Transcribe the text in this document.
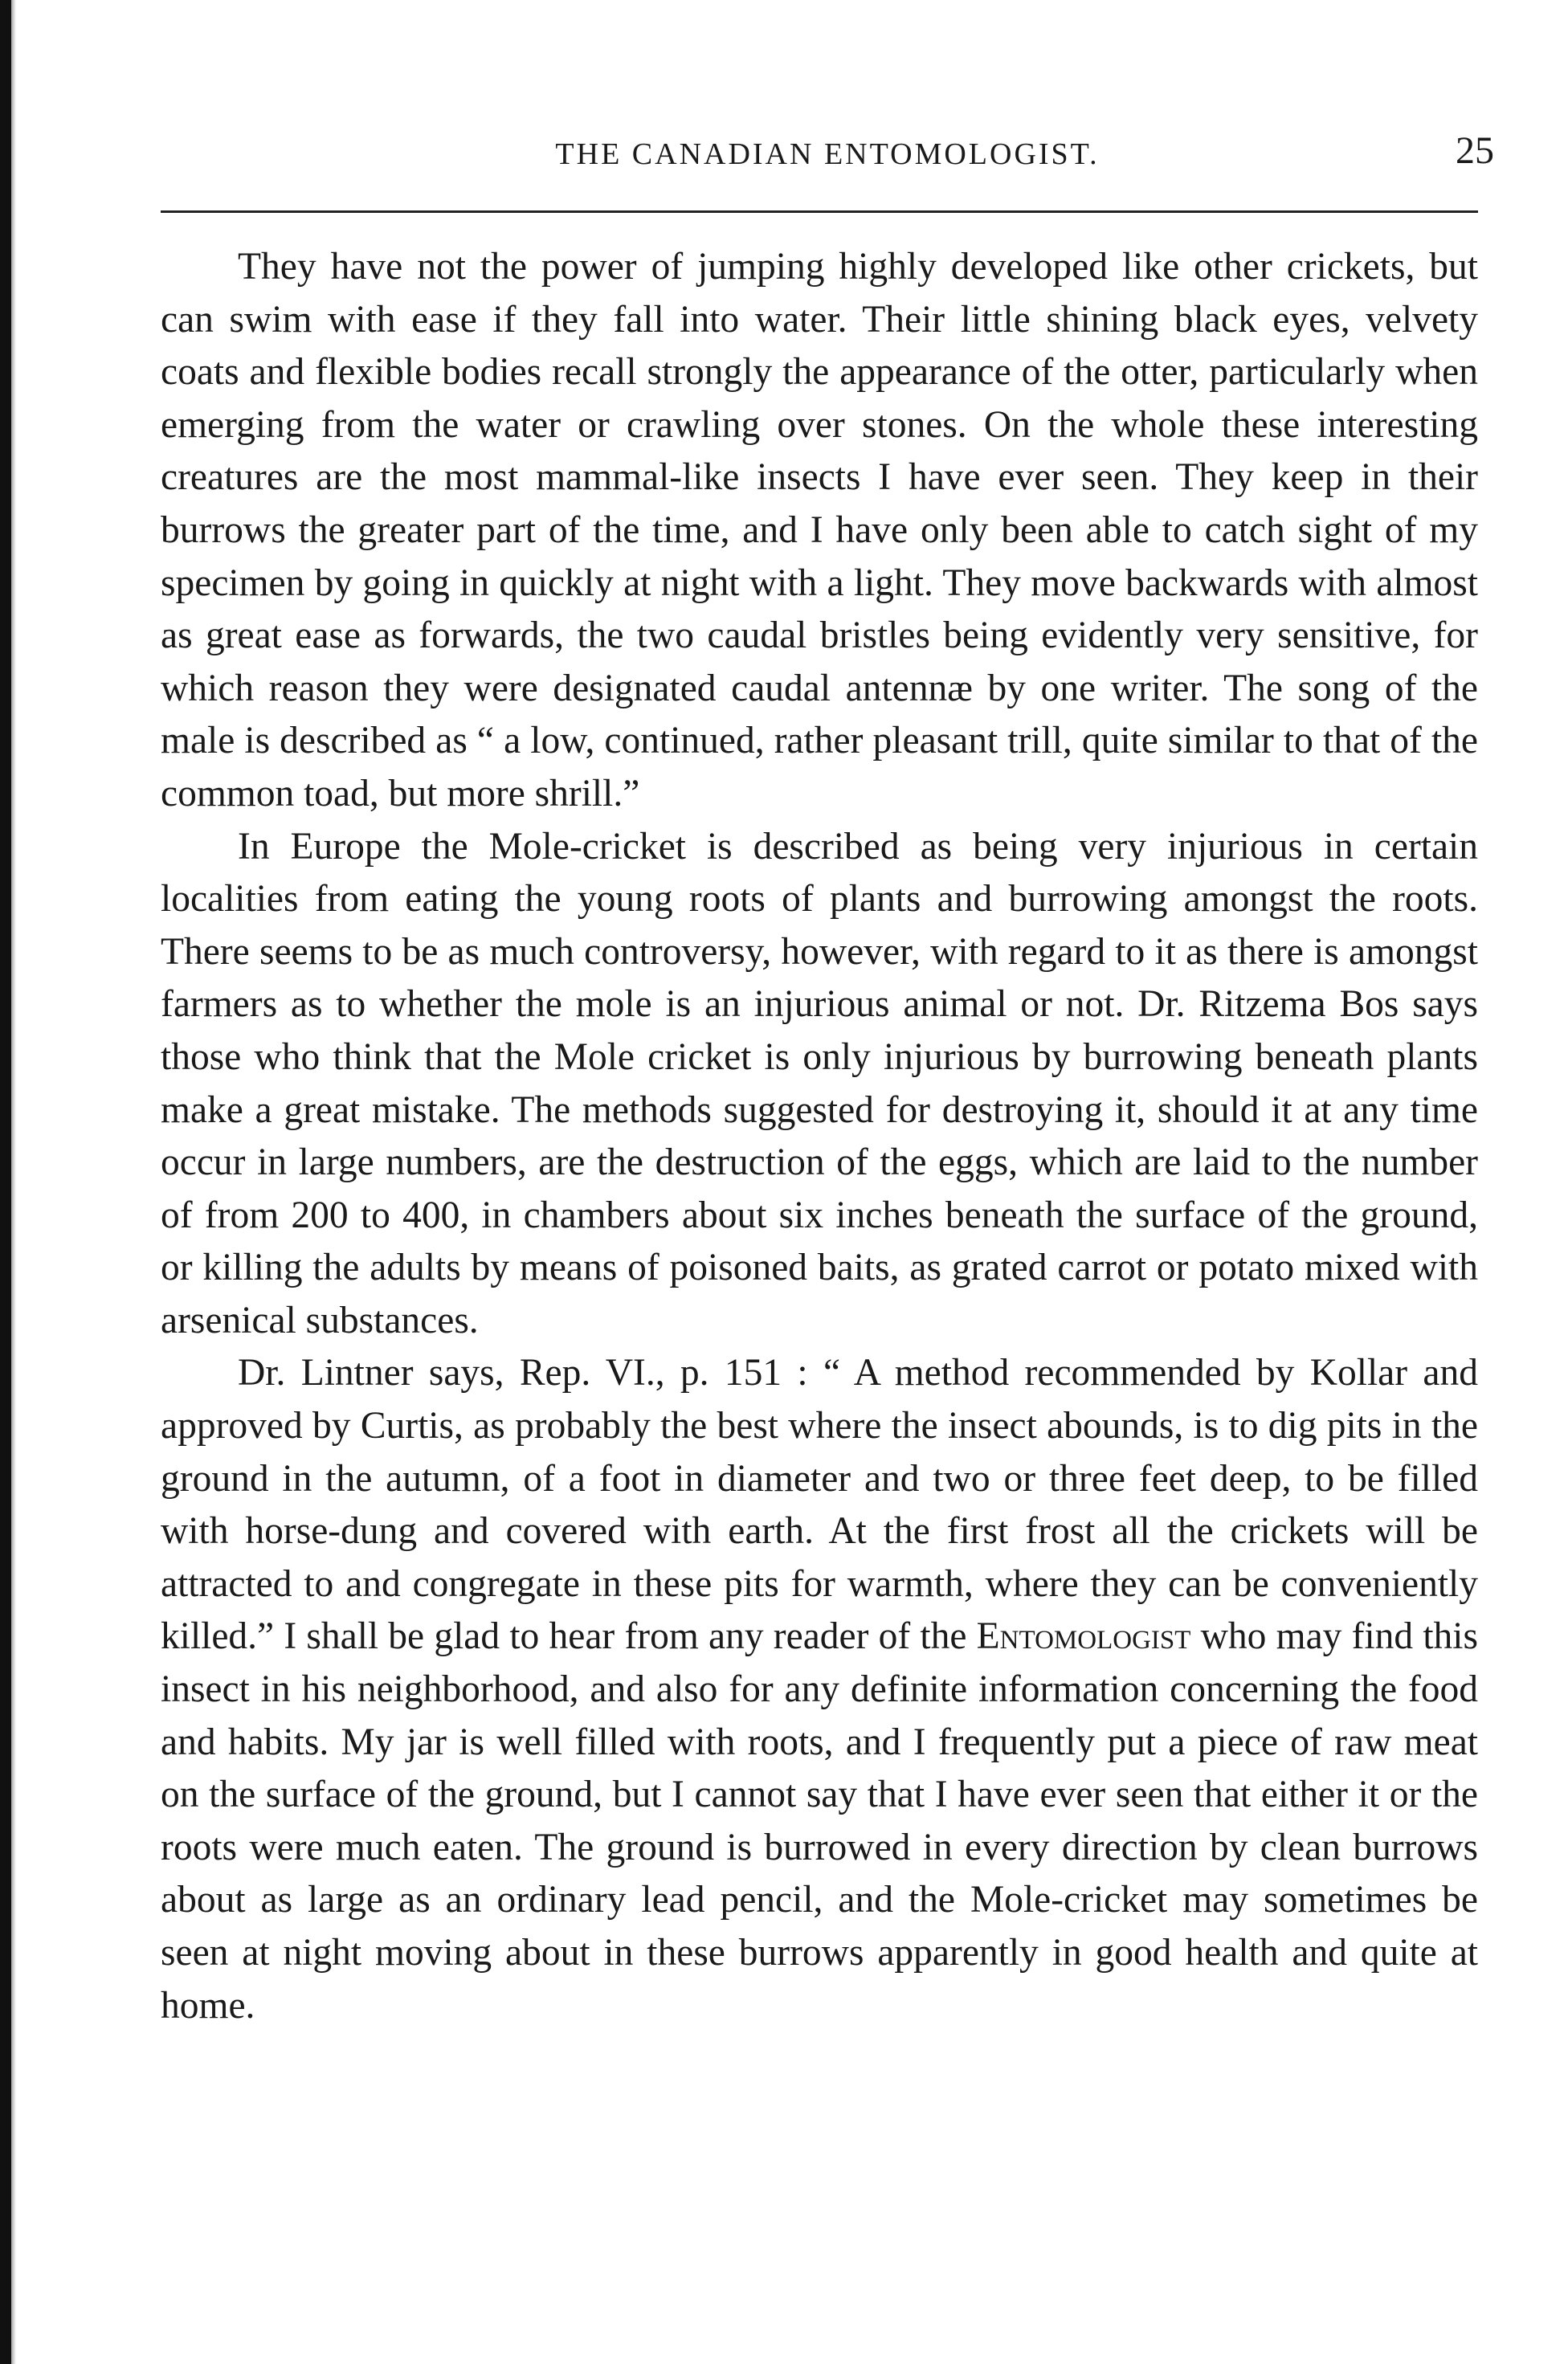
THE CANADIAN ENTOMOLOGIST.	25

They have not the power of jumping highly developed like other crickets, but can swim with ease if they fall into water. Their little shining black eyes, velvety coats and flexible bodies recall strongly the appearance of the otter, particularly when emerging from the water or crawling over stones. On the whole these interesting creatures are the most mammal-like insects I have ever seen. They keep in their burrows the greater part of the time, and I have only been able to catch sight of my specimen by going in quickly at night with a light. They move backwards with almost as great ease as forwards, the two caudal bristles being evidently very sensitive, for which reason they were designated caudal antennæ by one writer. The song of the male is described as “ a low, continued, rather pleasant trill, quite similar to that of the common toad, but more shrill.”

In Europe the Mole-cricket is described as being very injurious in certain localities from eating the young roots of plants and burrowing amongst the roots. There seems to be as much controversy, however, with regard to it as there is amongst farmers as to whether the mole is an injurious animal or not. Dr. Ritzema Bos says those who think that the Mole cricket is only injurious by burrowing beneath plants make a great mistake. The methods suggested for destroying it, should it at any time occur in large numbers, are the destruction of the eggs, which are laid to the number of from 200 to 400, in chambers about six inches beneath the surface of the ground, or killing the adults by means of poisoned baits, as grated carrot or potato mixed with arsenical substances.

Dr. Lintner says, Rep. VI., p. 151 : “ A method recommended by Kollar and approved by Curtis, as probably the best where the insect abounds, is to dig pits in the ground in the autumn, of a foot in diameter and two or three feet deep, to be filled with horse-dung and covered with earth. At the first frost all the crickets will be attracted to and congregate in these pits for warmth, where they can be conveniently killed.” I shall be glad to hear from any reader of the Entomologist who may find this insect in his neighborhood, and also for any definite information concerning the food and habits. My jar is well filled with roots, and I frequently put a piece of raw meat on the surface of the ground, but I cannot say that I have ever seen that either it or the roots were much eaten. The ground is burrowed in every direction by clean burrows about as large as an ordinary lead pencil, and the Mole-cricket may sometimes be seen at night moving about in these burrows apparently in good health and quite at home.
